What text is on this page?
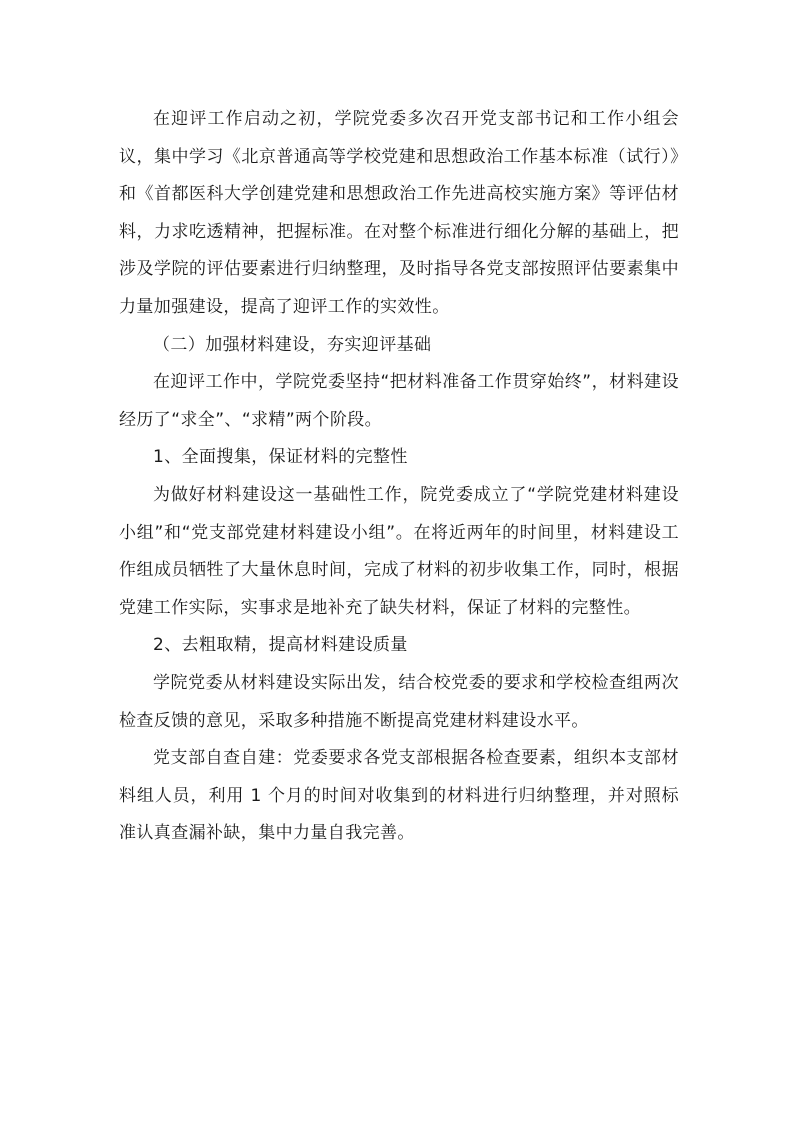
在迎评工作启动之初，学院党委多次召开党支部书记和工作小组会议，集中学习《北京普通高等学校党建和思想政治工作基本标准（试行）》和《首都医科大学创建党建和思想政治工作先进高校实施方案》等评估材料，力求吃透精神，把握标准。在对整个标准进行细化分解的基础上，把涉及学院的评估要素进行归纳整理，及时指导各党支部按照评估要素集中力量加强建设，提高了迎评工作的实效性。

（二）加强材料建设，夯实迎评基础

在迎评工作中，学院党委坚持“把材料准备工作贯穿始终”，材料建设经历了“求全”、“求精”两个阶段。

1、全面搜集，保证材料的完整性

为做好材料建设这一基础性工作，院党委成立了“学院党建材料建设小组”和“党支部党建材料建设小组”。在将近两年的时间里，材料建设工作组成员牺牲了大量休息时间，完成了材料的初步收集工作，同时，根据党建工作实际，实事求是地补充了缺失材料，保证了材料的完整性。

2、去粗取精，提高材料建设质量

学院党委从材料建设实际出发，结合校党委的要求和学校检查组两次检查反馈的意见，采取多种措施不断提高党建材料建设水平。

党支部自查自建：党委要求各党支部根据各检查要素，组织本支部材料组人员，利用 1 个月的时间对收集到的材料进行归纳整理，并对照标准认真查漏补缺，集中力量自我完善。
